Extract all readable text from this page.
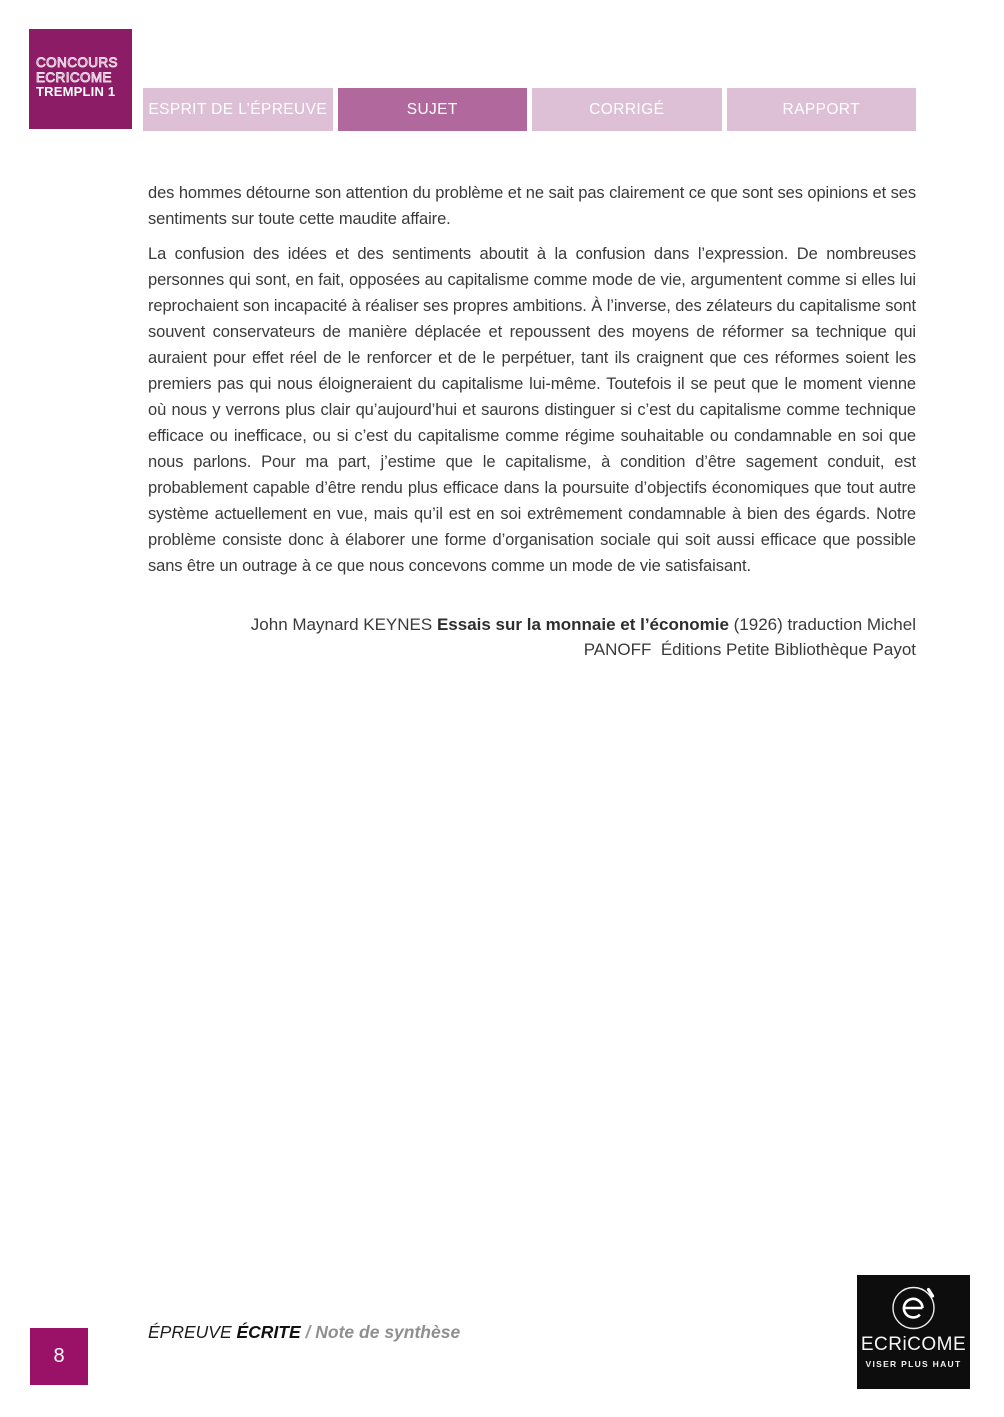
CONCOURS
ECRICOME
TREMPLIN 1
ESPRIT DE L’ÉPREUVE	SUJET	CORRIGÉ	RAPPORT

des hommes détourne son attention du problème et ne sait pas clairement ce que sont ses opinions et ses sentiments sur toute cette maudite affaire.

La confusion des idées et des sentiments aboutit à la confusion dans l’expression. De nombreuses personnes qui sont, en fait, opposées au capitalisme comme mode de vie, argumentent comme si elles lui reprochaient son incapacité à réaliser ses propres ambitions. À l’inverse, des zélateurs du capitalisme sont souvent conservateurs de manière déplacée et repoussent des moyens de réformer sa technique qui auraient pour effet réel de le renforcer et de le perpétuer, tant ils craignent que ces réformes soient les premiers pas qui nous éloigneraient du capitalisme lui-même. Toutefois il se peut que le moment vienne où nous y verrons plus clair qu’aujourd’hui et saurons distinguer si c’est du capitalisme comme technique efficace ou inefficace, ou si c’est du capitalisme comme régime souhaitable ou condamnable en soi que nous parlons. Pour ma part, j’estime que le capitalisme, à condition d’être sagement conduit, est probablement capable d’être rendu plus efficace dans la poursuite d’objectifs économiques que tout autre système actuellement en vue, mais qu’il est en soi extrêmement condamnable à bien des égards. Notre problème consiste donc à élaborer une forme d’organisation sociale qui soit aussi efficace que possible sans être un outrage à ce que nous concevons comme un mode de vie satisfaisant.

John Maynard KEYNES Essais sur la monnaie et l’économie (1926) traduction Michel
PANOFF  Éditions Petite Bibliothèque Payot
8
ÉPREUVE ÉCRITE / Note de synthèse
ECRiCOME
VISER PLUS HAUT
